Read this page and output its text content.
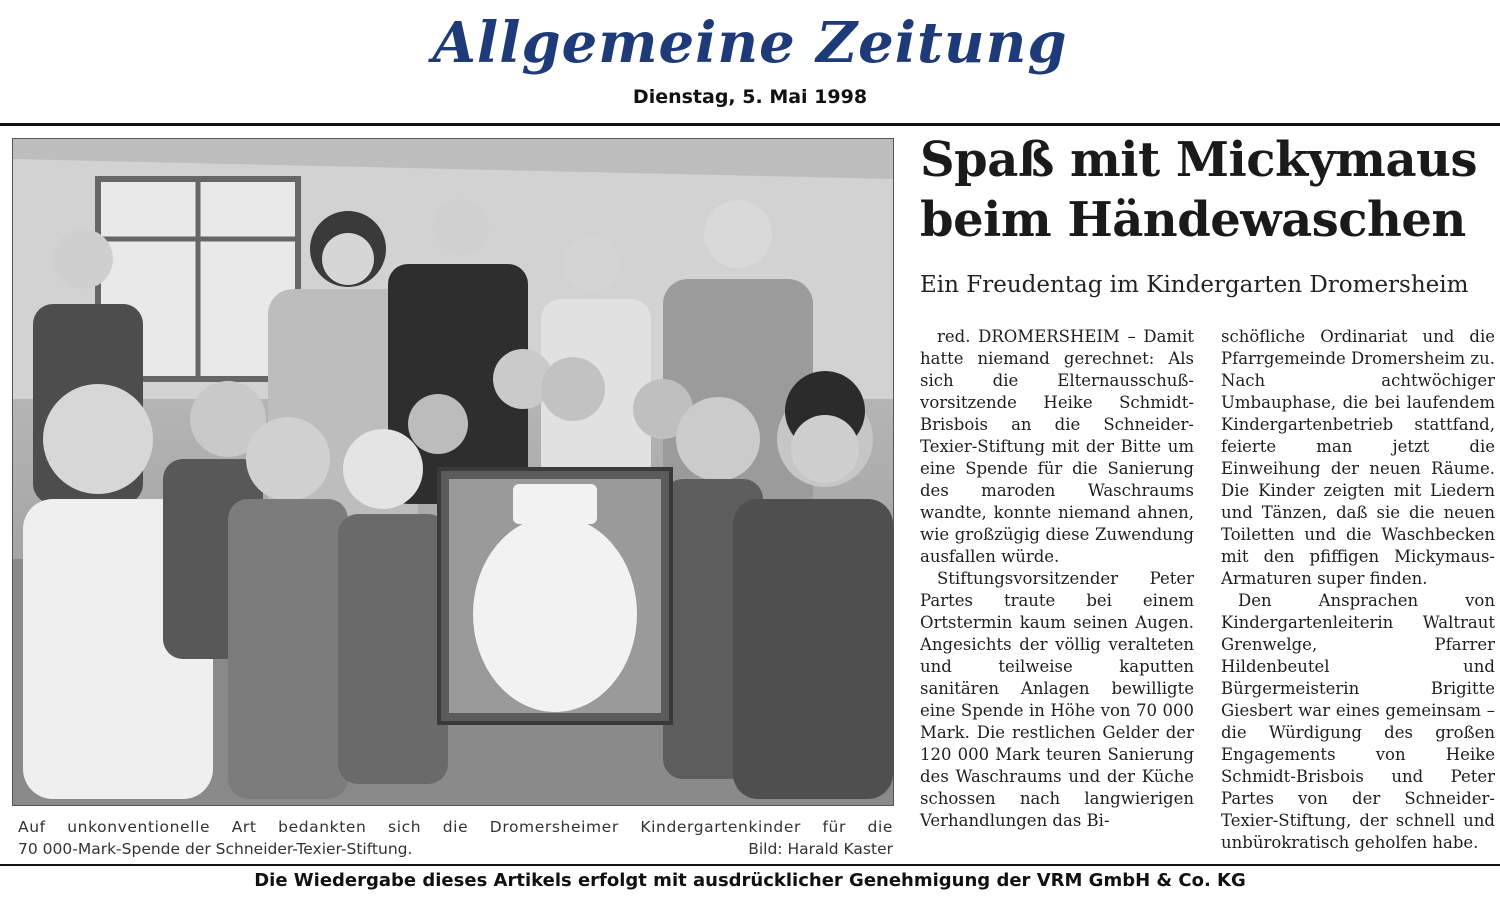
Allgemeine Zeitung
Dienstag, 5. Mai 1998
Auf unkonventionelle Art bedankten sich die Dromersheimer Kindergartenkinder für die
70 000-Mark-Spende der Schneider-Texier-Stiftung.	Bild: Harald Kaster
Spaß mit Mickymaus
beim Händewaschen
Ein Freudentag im Kindergarten Dromersheim

red. DROMERSHEIM – Damit hatte niemand gerechnet: Als sich die Elternausschußvorsitzende Heike Schmidt-Brisbois an die Schneider-Texier-Stiftung mit der Bitte um eine Spende für die Sanierung des maroden Waschraums wandte, konnte niemand ahnen, wie großzügig diese Zuwendung ausfallen würde.

Stiftungsvorsitzender Peter Partes traute bei einem Ortstermin kaum seinen Augen. Angesichts der völlig veralteten und teilweise kaputten sanitären Anlagen bewilligte eine Spende in Höhe von 70 000 Mark. Die restlichen Gelder der 120 000 Mark teuren Sanierung des Waschraums und der Küche schossen nach langwierigen Verhandlungen das Bi-

schöfliche Ordinariat und die Pfarrgemeinde Dromersheim zu. Nach achtwöchiger Umbauphase, die bei laufendem Kindergartenbetrieb stattfand, feierte man jetzt die Einweihung der neuen Räume. Die Kinder zeigten mit Liedern und Tänzen, daß sie die neuen Toiletten und die Waschbecken mit den pfiffigen Mickymaus-Armaturen super finden.

Den Ansprachen von Kindergartenleiterin Waltraut Grenwelge, Pfarrer Hildenbeutel und Bürgermeisterin Brigitte Giesbert war eines gemeinsam – die Würdigung des großen Engagements von Heike Schmidt-Brisbois und Peter Partes von der Schneider-Texier-Stiftung, der schnell und unbürokratisch geholfen habe.

Die Wiedergabe dieses Artikels erfolgt mit ausdrücklicher Genehmigung der VRM GmbH & Co. KG
